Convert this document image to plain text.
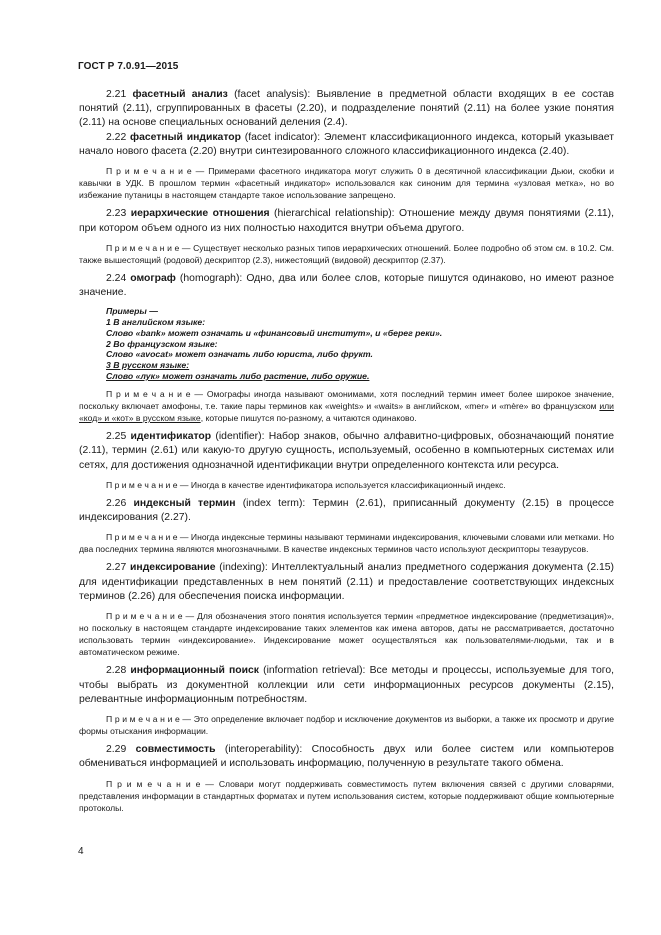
ГОСТ Р 7.0.91—2015

2.21 фасетный анализ (facet analysis): Выявление в предметной области входящих в ее состав понятий (2.11), сгруппированных в фасеты (2.20), и подразделение понятий (2.11) на более узкие понятия (2.11) на основе специальных оснований деления (2.4).

2.22 фасетный индикатор (facet indicator): Элемент классификационного индекса, который указывает начало нового фасета (2.20) внутри синтезированного сложного классификационного индекса (2.40).

П р и м е ч а н и е — Примерами фасетного индикатора могут служить 0 в десятичной классификации Дьюи, скобки и кавычки в УДК. В прошлом термин «фасетный индикатор» использовался как синоним для термина «узловая метка», но во избежание путаницы в настоящем стандарте такое использование запрещено.

2.23 иерархические отношения (hierarchical relationship): Отношение между двумя понятиями (2.11), при котором объем одного из них полностью находится внутри объема другого.

П р и м е ч а н и е — Существует несколько разных типов иерархических отношений. Более подробно об этом см. в 10.2. См. также вышестоящий (родовой) дескриптор (2.3), нижестоящий (видовой) дескриптор (2.37).

2.24 омограф (homograph): Одно, два или более слов, которые пишутся одинаково, но имеют разное значение.

Примеры —
1 В английском языке:
Слово «bank» может означать и «финансовый институт», и «берег реки».
2 Во французском языке:
Слово «avocat» может означать либо юриста, либо фрукт.
3 В русском языке:
Слово «лук» может означать либо растение, либо оружие.

П р и м е ч а н и е — Омографы иногда называют омонимами, хотя последний термин имеет более широкое значение, поскольку включает амофоны, т.е. такие пары терминов как «weights» и «waits» в английском, «mer» и «mère» во французском или «код» и «кот» в русском языке, которые пишутся по-разному, а читаются одинаково.

2.25 идентификатор (identifier): Набор знаков, обычно алфавитно-цифровых, обозначающий понятие (2.11), термин (2.61) или какую-то другую сущность, используемый, особенно в компьютерных системах или сетях, для достижения однозначной идентификации внутри определенного контекста или ресурса.

П р и м е ч а н и е — Иногда в качестве идентификатора используется классификационный индекс.

2.26 индексный термин (index term): Термин (2.61), приписанный документу (2.15) в процессе индексирования (2.27).

П р и м е ч а н и е — Иногда индексные термины называют терминами индексирования, ключевыми словами или метками. Но два последних термина являются многозначными. В качестве индексных терминов часто используют дескрипторы тезаурусов.

2.27 индексирование (indexing): Интеллектуальный анализ предметного содержания документа (2.15) для идентификации представленных в нем понятий (2.11) и предоставление соответствующих индексных терминов (2.26) для обеспечения поиска информации.

П р и м е ч а н и е — Для обозначения этого понятия используется термин «предметное индексирование (предметизация)», но поскольку в настоящем стандарте индексирование таких элементов как имена авторов, даты не рассматривается, достаточно использовать термин «индексирование». Индексирование может осуществляться как пользователями-людьми, так и в автоматическом режиме.

2.28 информационный поиск (information retrieval): Все методы и процессы, используемые для того, чтобы выбрать из документной коллекции или сети информационных ресурсов документы (2.15), релевантные информационным потребностям.

П р и м е ч а н и е — Это определение включает подбор и исключение документов из выборки, а также их просмотр и другие формы отыскания информации.

2.29 совместимость (interoperability): Способность двух или более систем или компьютеров обмениваться информацией и использовать информацию, полученную в результате такого обмена.

П р и м е ч а н и е — Словари могут поддерживать совместимость путем включения связей с другими словарями, представления информации в стандартных форматах и путем использования систем, которые поддерживают общие компьютерные протоколы.

4
